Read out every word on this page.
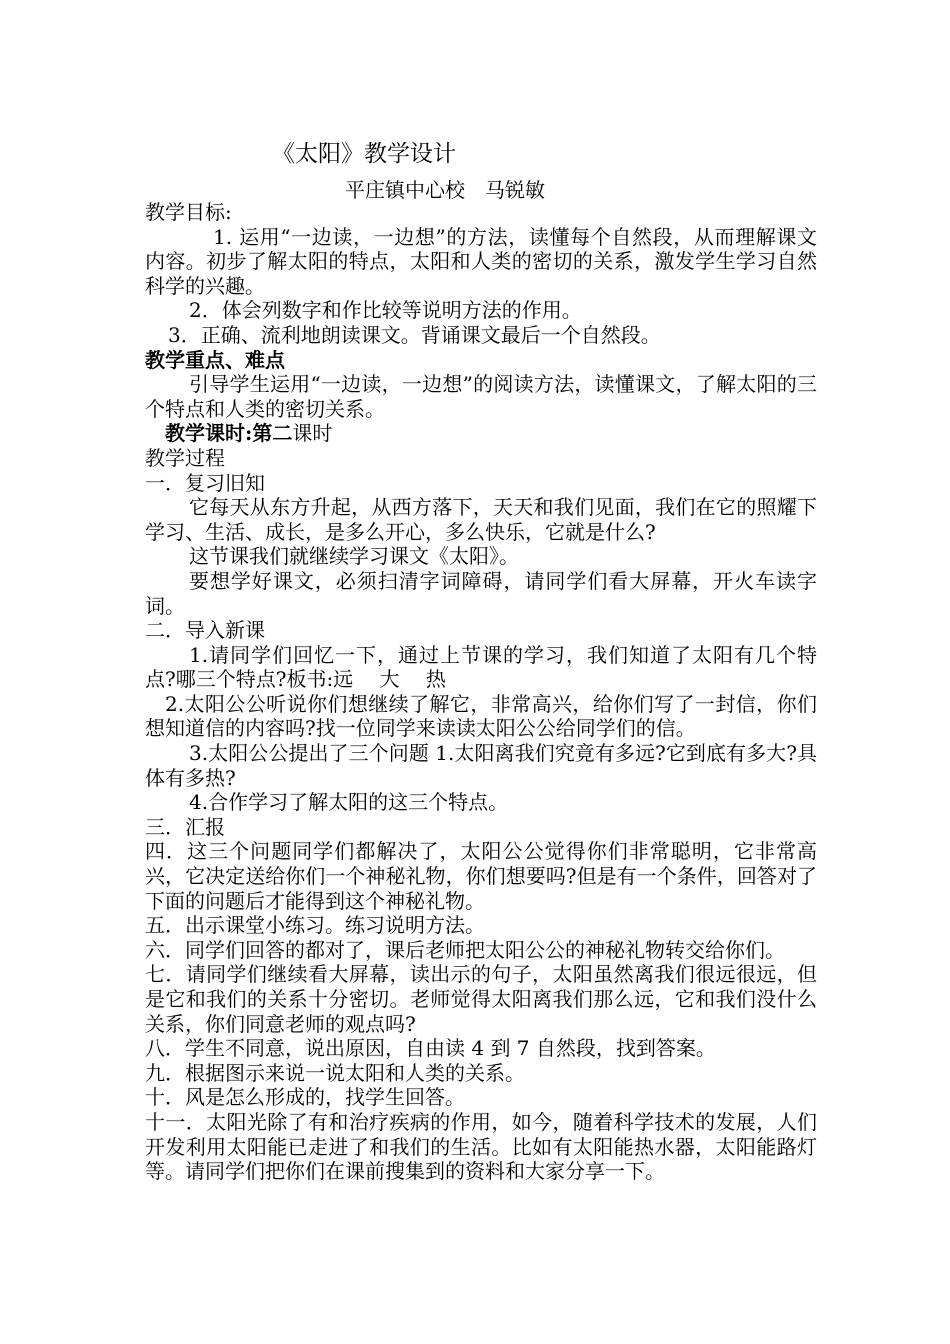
《太阳》教学设计
平庄镇中心校　马锐敏

教学目标:

1. 运用“一边读，一边想”的方法，读懂每个自然段，从而理解课文内容。初步了解太阳的特点，太阳和人类的密切的关系，激发学生学习自然科学的兴趣。

2．体会列数字和作比较等说明方法的作用。

3．正确、流利地朗读课文。背诵课文最后一个自然段。

教学重点、难点

引导学生运用“一边读，一边想”的阅读方法，读懂课文，了解太阳的三个特点和人类的密切关系。

教学课时:第二课时

教学过程

一．复习旧知

它每天从东方升起，从西方落下，天天和我们见面，我们在它的照耀下学习、生活、成长，是多么开心，多么快乐，它就是什么?

这节课我们就继续学习课文《太阳》。

要想学好课文，必须扫清字词障碍，请同学们看大屏幕，开火车读字词。

二．导入新课

1.请同学们回忆一下，通过上节课的学习，我们知道了太阳有几个特点?哪三个特点?板书:远　 大　 热

2.太阳公公听说你们想继续了解它，非常高兴，给你们写了一封信，你们想知道信的内容吗?找一位同学来读读太阳公公给同学们的信。

3.太阳公公提出了三个问题 1.太阳离我们究竟有多远?它到底有多大?具体有多热?

4.合作学习了解太阳的这三个特点。

三．汇报

四．这三个问题同学们都解决了，太阳公公觉得你们非常聪明，它非常高兴，它决定送给你们一个神秘礼物，你们想要吗?但是有一个条件，回答对了下面的问题后才能得到这个神秘礼物。

五．出示课堂小练习。练习说明方法。

六．同学们回答的都对了，课后老师把太阳公公的神秘礼物转交给你们。

七．请同学们继续看大屏幕，读出示的句子，太阳虽然离我们很远很远，但是它和我们的关系十分密切。老师觉得太阳离我们那么远，它和我们没什么关系，你们同意老师的观点吗?

八．学生不同意，说出原因，自由读 4 到 7 自然段，找到答案。

九．根据图示来说一说太阳和人类的关系。

十．风是怎么形成的，找学生回答。

十一．太阳光除了有和治疗疾病的作用，如今，随着科学技术的发展，人们开发利用太阳能已走进了和我们的生活。比如有太阳能热水器，太阳能路灯等。请同学们把你们在课前搜集到的资料和大家分享一下。
